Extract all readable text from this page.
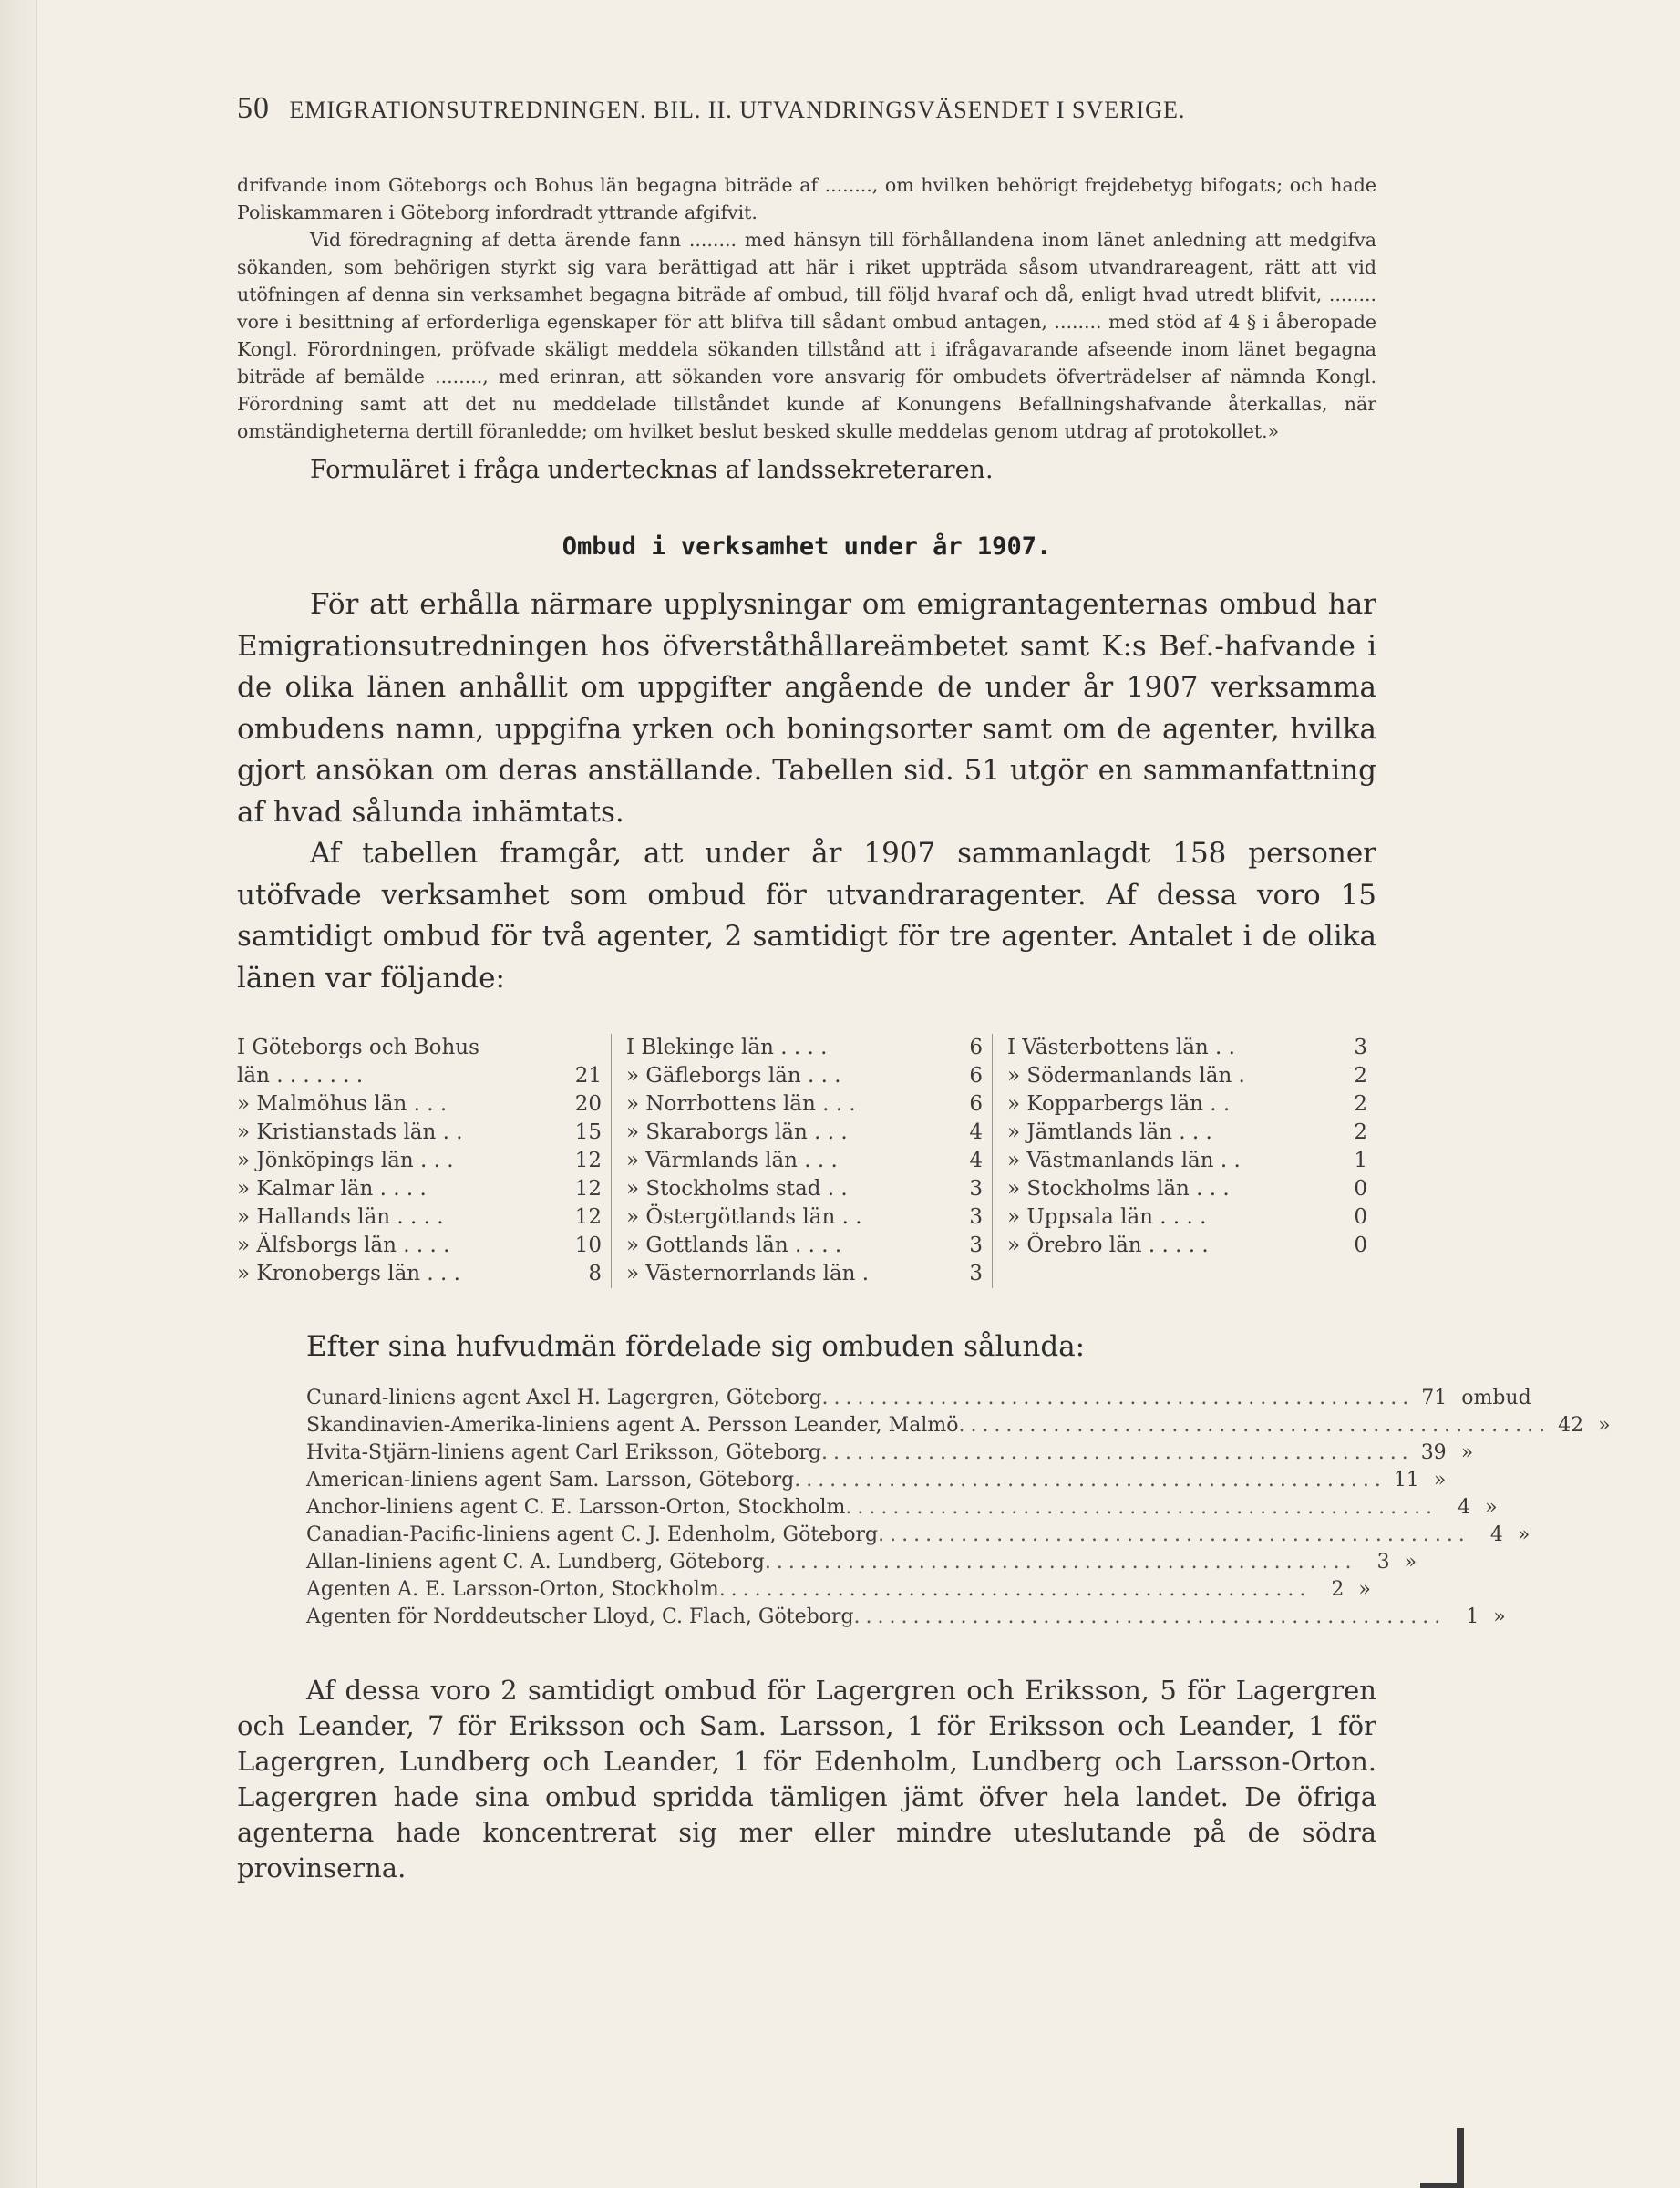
50 EMIGRATIONSUTREDNINGEN. BIL. II. UTVANDRINGSVÄSENDET I SVERIGE.

drifvande inom Göteborgs och Bohus län begagna biträde af ........, om hvilken behörigt frejdebetyg bifogats; och hade Poliskammaren i Göteborg infordradt yttrande afgifvit.

Vid föredragning af detta ärende fann ........ med hänsyn till förhållandena inom länet anledning att medgifva sökanden, som behörigen styrkt sig vara berättigad att här i riket uppträda såsom utvandrareagent, rätt att vid utöfningen af denna sin verksamhet begagna biträde af ombud, till följd hvaraf och då, enligt hvad utredt blifvit, ........ vore i besittning af erforderliga egenskaper för att blifva till sådant ombud antagen, ........ med stöd af 4 § i åberopade Kongl. Förordningen, pröfvade skäligt meddela sökanden tillstånd att i ifrågavarande afseende inom länet begagna biträde af bemälde ........, med erinran, att sökanden vore ansvarig för ombudets öfverträdelser af nämnda Kongl. Förordning samt att det nu meddelade tillståndet kunde af Konungens Befallningshafvande återkallas, när omständigheterna dertill föranledde; om hvilket beslut besked skulle meddelas genom utdrag af protokollet.»

Formuläret i fråga undertecknas af landssekreteraren.
Ombud i verksamhet under år 1907.

För att erhålla närmare upplysningar om emigrantagenternas ombud har Emigrationsutredningen hos öfverståthållareämbetet samt K:s Bef.-hafvande i de olika länen anhållit om uppgifter angående de under år 1907 verksamma ombudens namn, uppgifna yrken och boningsorter samt om de agenter, hvilka gjort ansökan om deras anställande. Tabellen sid. 51 utgör en sammanfattning af hvad sålunda inhämtats.

Af tabellen framgår, att under år 1907 sammanlagdt 158 personer utöfvade verksamhet som ombud för utvandraragenter. Af dessa voro 15 samtidigt ombud för två agenter, 2 samtidigt för tre agenter. Antalet i de olika länen var följande:

I Göteborgs och Bohus
län . . . . . . .	21
» Malmöhus län . . .	20
» Kristianstads län . .	15
» Jönköpings län . . .	12
» Kalmar län . . . .	12
» Hallands län . . . .	12
» Älfsborgs län . . . .	10
» Kronobergs län . . .	8
I Blekinge län . . . .	6
» Gäfleborgs län . . .	6
» Norrbottens län . . .	6
» Skaraborgs län . . .	4
» Värmlands län . . .	4
» Stockholms stad . .	3
» Östergötlands län . .	3
» Gottlands län . . . .	3
» Västernorrlands län .	3
I Västerbottens län . .	3
» Södermanlands län .	2
» Kopparbergs län . .	2
» Jämtlands län . . .	2
» Västmanlands län . .	1
» Stockholms län . . .	0
» Uppsala län . . . .	0
» Örebro län . . . . .	0
Efter sina hufvudmän fördelade sig ombuden sålunda:
Cunard-liniens agent Axel H. Lagergren, Göteborg .................................................. 71 ombud
Skandinavien-Amerika-liniens agent A. Persson Leander, Malmö .................................................. 42 »
Hvita-Stjärn-liniens agent Carl Eriksson, Göteborg .................................................. 39 »
American-liniens agent Sam. Larsson, Göteborg .................................................. 11 »
Anchor-liniens agent C. E. Larsson-Orton, Stockholm ..................................................	4 »
Canadian-Pacific-liniens agent C. J. Edenholm, Göteborg ..................................................	4 »
Allan-liniens agent C. A. Lundberg, Göteborg ..................................................	3 »
Agenten A. E. Larsson-Orton, Stockholm ..................................................	2 »
Agenten för Norddeutscher Lloyd, C. Flach, Göteborg ..................................................	1 »

Af dessa voro 2 samtidigt ombud för Lagergren och Eriksson, 5 för Lagergren och Leander, 7 för Eriksson och Sam. Larsson, 1 för Eriksson och Leander, 1 för Lagergren, Lundberg och Leander, 1 för Edenholm, Lundberg och Larsson-Orton. Lagergren hade sina ombud spridda tämligen jämt öfver hela landet. De öfriga agenterna hade koncentrerat sig mer eller mindre uteslutande på de södra provinserna.
